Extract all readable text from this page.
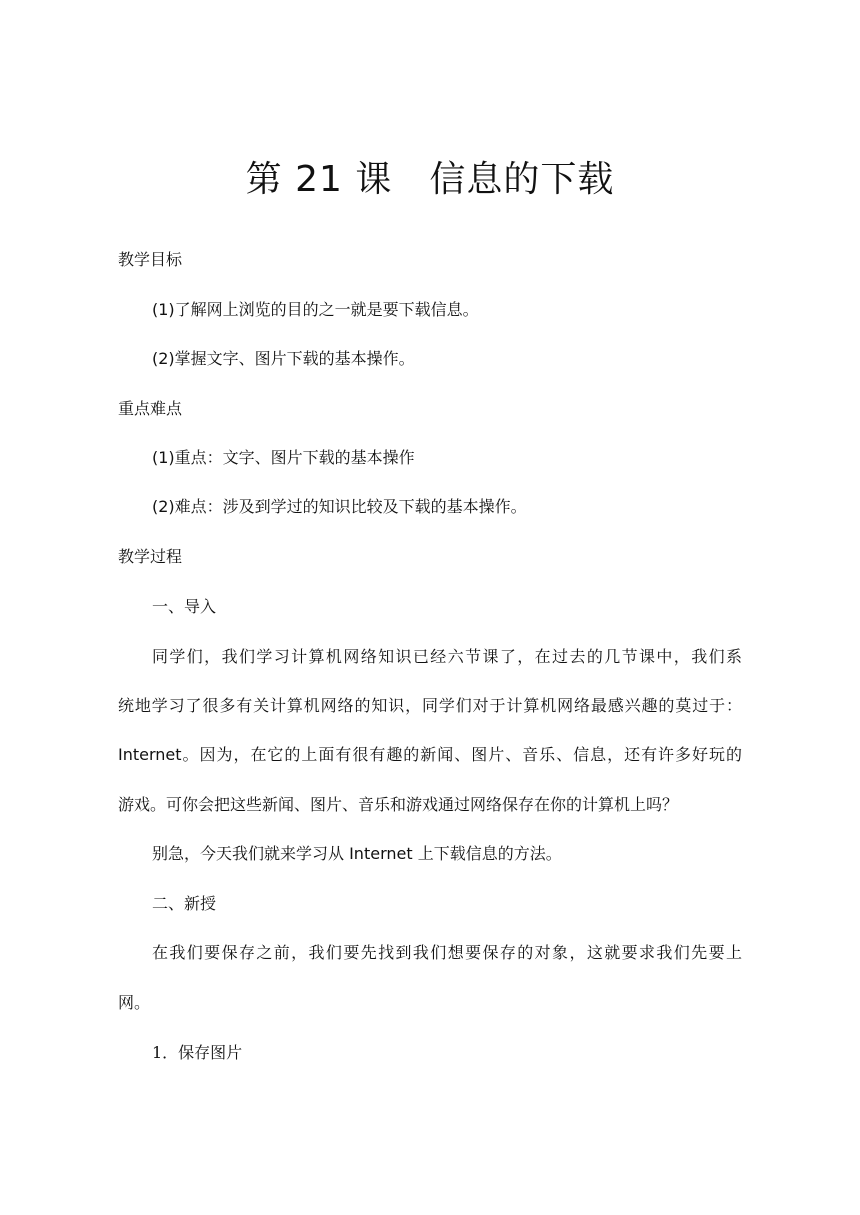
第 21 课　信息的下载
教学目标
(1)了解网上浏览的目的之一就是要下载信息。
(2)掌握文字、图片下载的基本操作。
重点难点
(1)重点：文字、图片下载的基本操作
(2)难点：涉及到学过的知识比较及下载的基本操作。
教学过程
一、导入
同学们，我们学习计算机网络知识已经六节课了，在过去的几节课中，我们系
统地学习了很多有关计算机网络的知识，同学们对于计算机网络最感兴趣的莫过于：
Internet。因为，在它的上面有很有趣的新闻、图片、音乐、信息，还有许多好玩的
游戏。可你会把这些新闻、图片、音乐和游戏通过网络保存在你的计算机上吗？
别急，今天我们就来学习从 Internet 上下载信息的方法。
二、新授
在我们要保存之前，我们要先找到我们想要保存的对象，这就要求我们先要上
网。
1．保存图片
